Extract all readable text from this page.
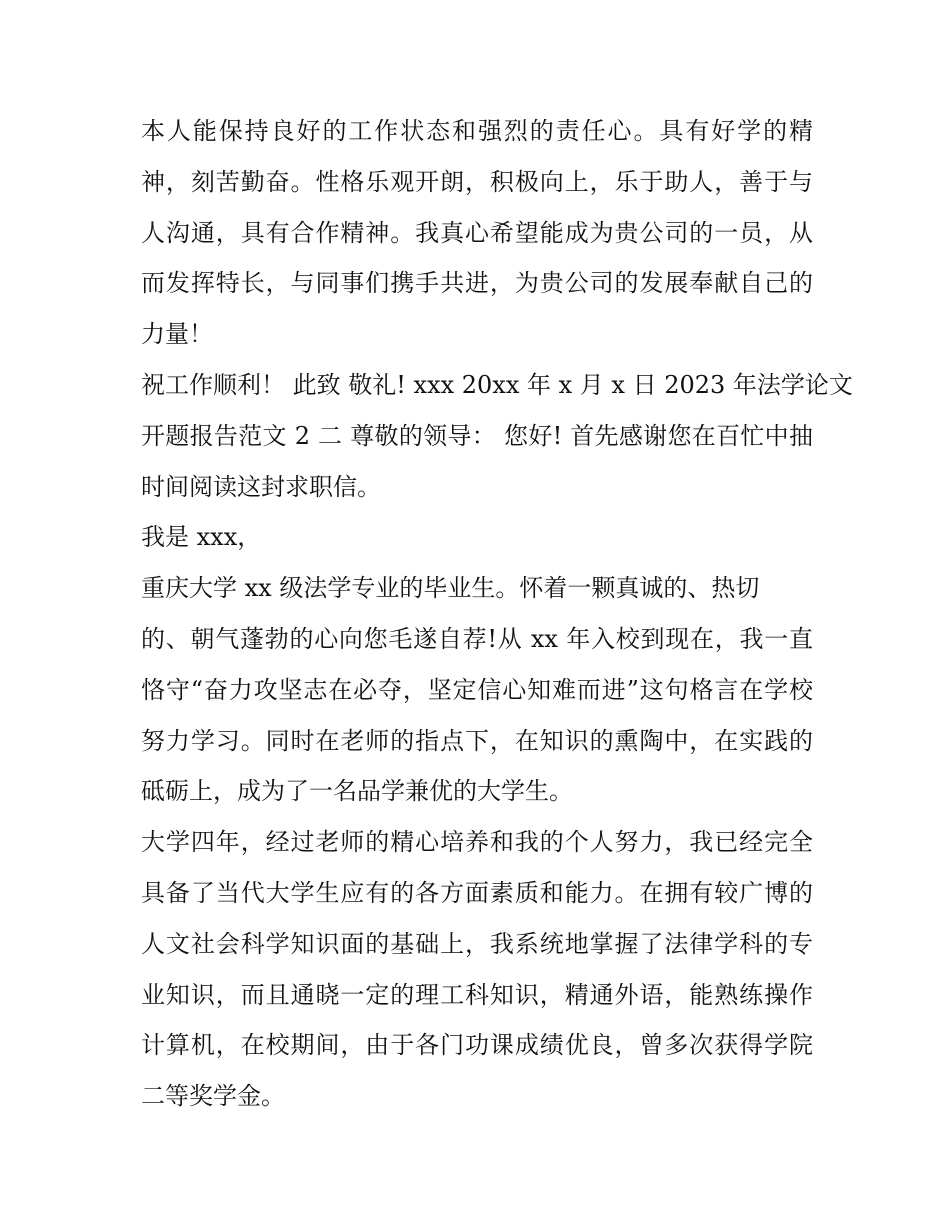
本人能保持良好的工作状态和强烈的责任心。具有好学的精
神，刻苦勤奋。性格乐观开朗，积极向上，乐于助人，善于与
人沟通，具有合作精神。我真心希望能成为贵公司的一员，从
而发挥特长，与同事们携手共进，为贵公司的发展奉献自己的
力量！
祝工作顺利！ 此致 敬礼! xxx 20xx 年 x 月 x 日 2023 年法学论文
开题报告范文 2 二 尊敬的领导： 您好! 首先感谢您在百忙中抽
时间阅读这封求职信。
我是 xxx，
重庆大学 xx 级法学专业的毕业生。怀着一颗真诚的、热切
的、朝气蓬勃的心向您毛遂自荐!从 xx 年入校到现在，我一直
恪守“奋力攻坚志在必夺，坚定信心知难而进”这句格言在学校
努力学习。同时在老师的指点下，在知识的熏陶中，在实践的
砥砺上，成为了一名品学兼优的大学生。
大学四年，经过老师的精心培养和我的个人努力，我已经完全
具备了当代大学生应有的各方面素质和能力。在拥有较广博的
人文社会科学知识面的基础上，我系统地掌握了法律学科的专
业知识，而且通晓一定的理工科知识，精通外语，能熟练操作
计算机，在校期间，由于各门功课成绩优良，曾多次获得学院
二等奖学金。
